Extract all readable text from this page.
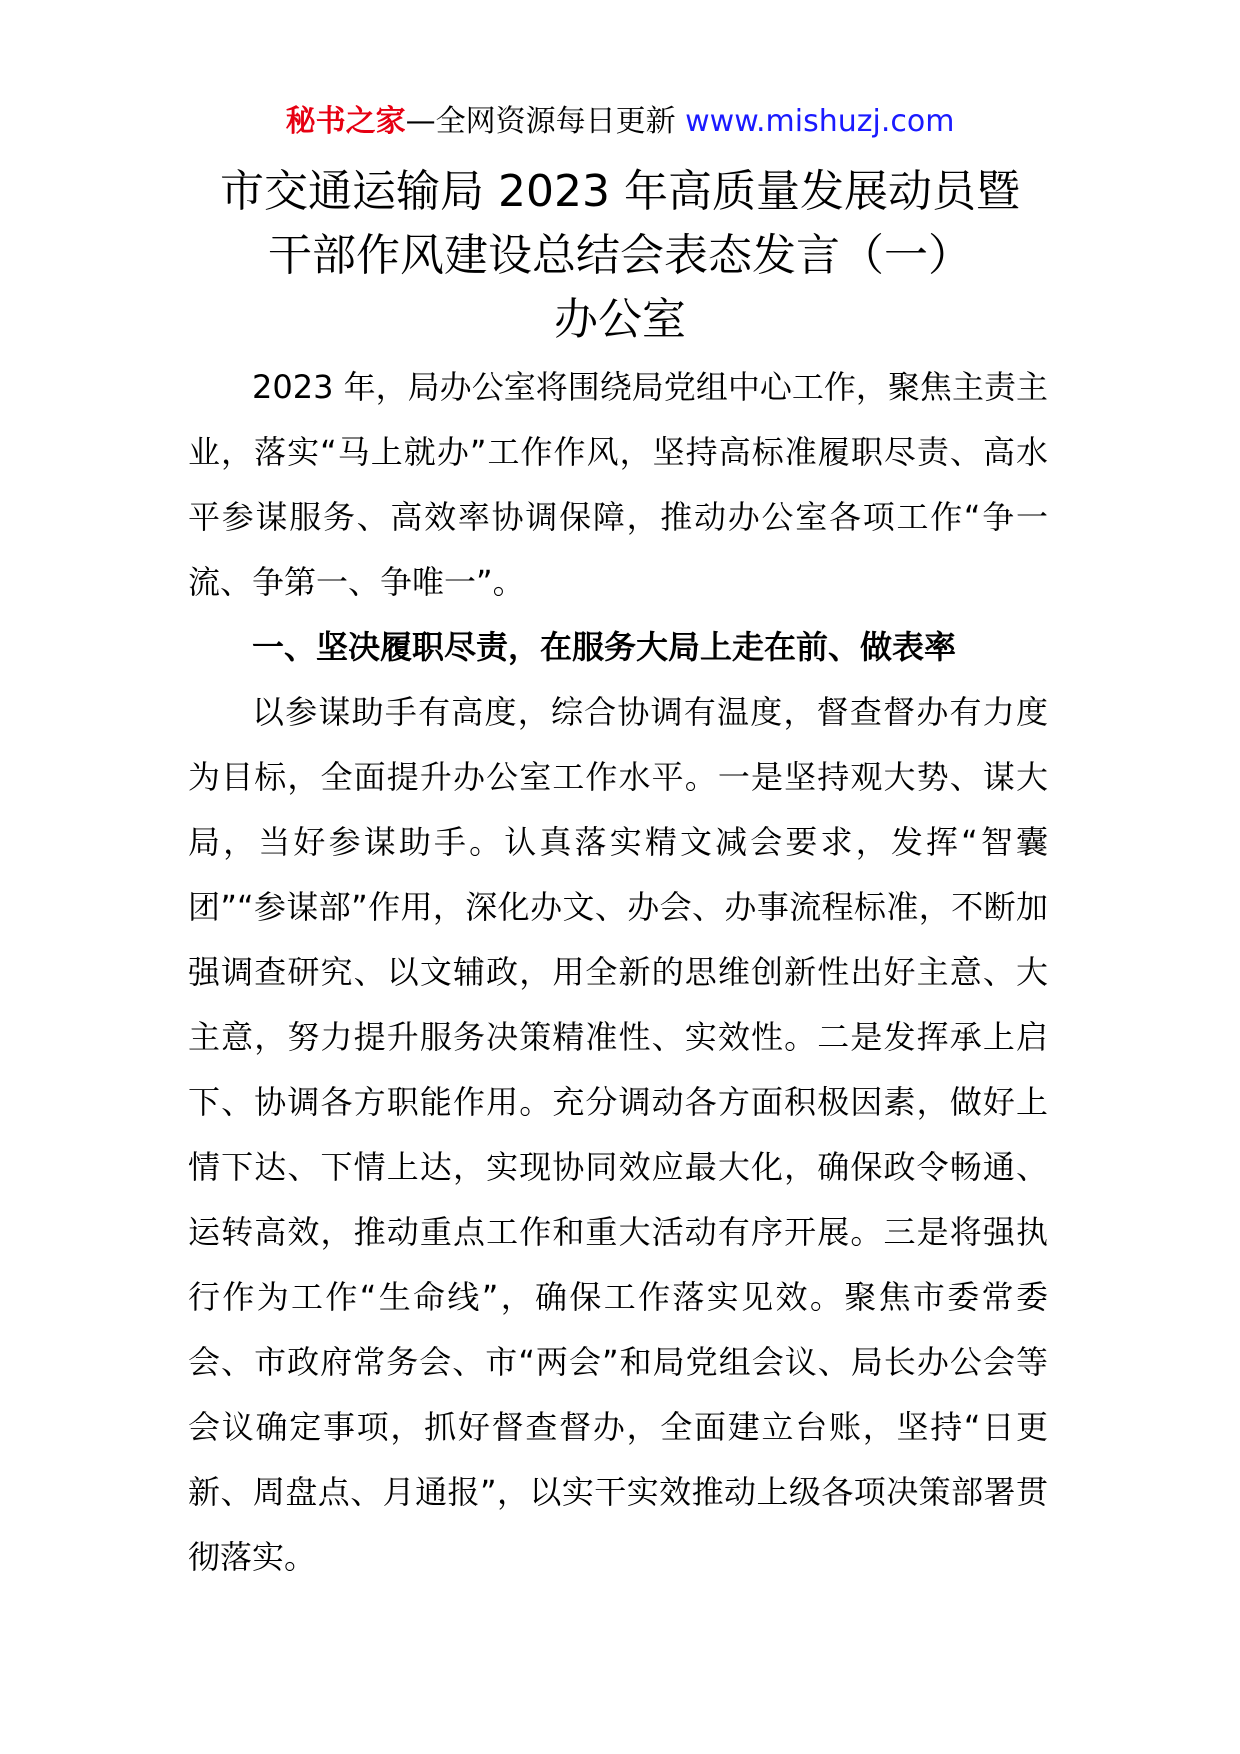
秘书之家—全网资源每日更新 www.mishuzj.com
市交通运输局 2023 年高质量发展动员暨
干部作风建设总结会表态发言（一）
办公室

2023 年，局办公室将围绕局党组中心工作，聚焦主责主业，落实“马上就办”工作作风，坚持高标准履职尽责、高水平参谋服务、高效率协调保障，推动办公室各项工作“争一流、争第一、争唯一”。

一、坚决履职尽责，在服务大局上走在前、做表率

以参谋助手有高度，综合协调有温度，督查督办有力度为目标，全面提升办公室工作水平。一是坚持观大势、谋大局，当好参谋助手。认真落实精文减会要求，发挥“智囊团”“参谋部”作用，深化办文、办会、办事流程标准，不断加强调查研究、以文辅政，用全新的思维创新性出好主意、大主意，努力提升服务决策精准性、实效性。二是发挥承上启下、协调各方职能作用。充分调动各方面积极因素，做好上情下达、下情上达，实现协同效应最大化，确保政令畅通、运转高效，推动重点工作和重大活动有序开展。三是将强执行作为工作“生命线”，确保工作落实见效。聚焦市委常委会、市政府常务会、市“两会”和局党组会议、局长办公会等会议确定事项，抓好督查督办，全面建立台账，坚持“日更新、周盘点、月通报”，以实干实效推动上级各项决策部署贯彻落实。
